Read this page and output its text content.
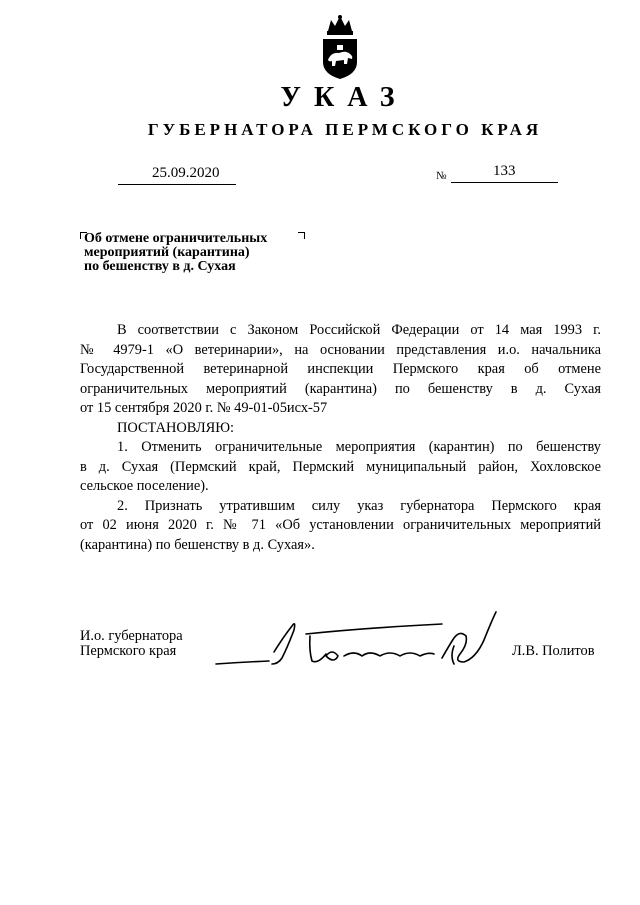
УКАЗ
ГУБЕРНАТОРА ПЕРМСКОГО КРАЯ
25.09.2020	№	133
Об отмене ограничительных
мероприятий (карантина)
по бешенству в д. Сухая

В соответствии с Законом Российской Федерации от 14 мая 1993 г.

№ 4979-1 «О ветеринарии», на основании представления и.о. начальника

Государственной ветеринарной инспекции Пермского края об отмене

ограничительных мероприятий (карантина) по бешенству в д. Сухая

от 15 сентября 2020 г. № 49-01-05исх-57

ПОСТАНОВЛЯЮ:

1. Отменить ограничительные мероприятия (карантин) по бешенству

в д. Сухая (Пермский край, Пермский муниципальный район, Хохловское

сельское поселение).

2. Признать утратившим силу указ губернатора Пермского края

от 02 июня 2020 г. № 71 «Об установлении ограничительных мероприятий

(карантина) по бешенству в д. Сухая».

И.о. губернатора
Пермского края	Л.В. Политов
